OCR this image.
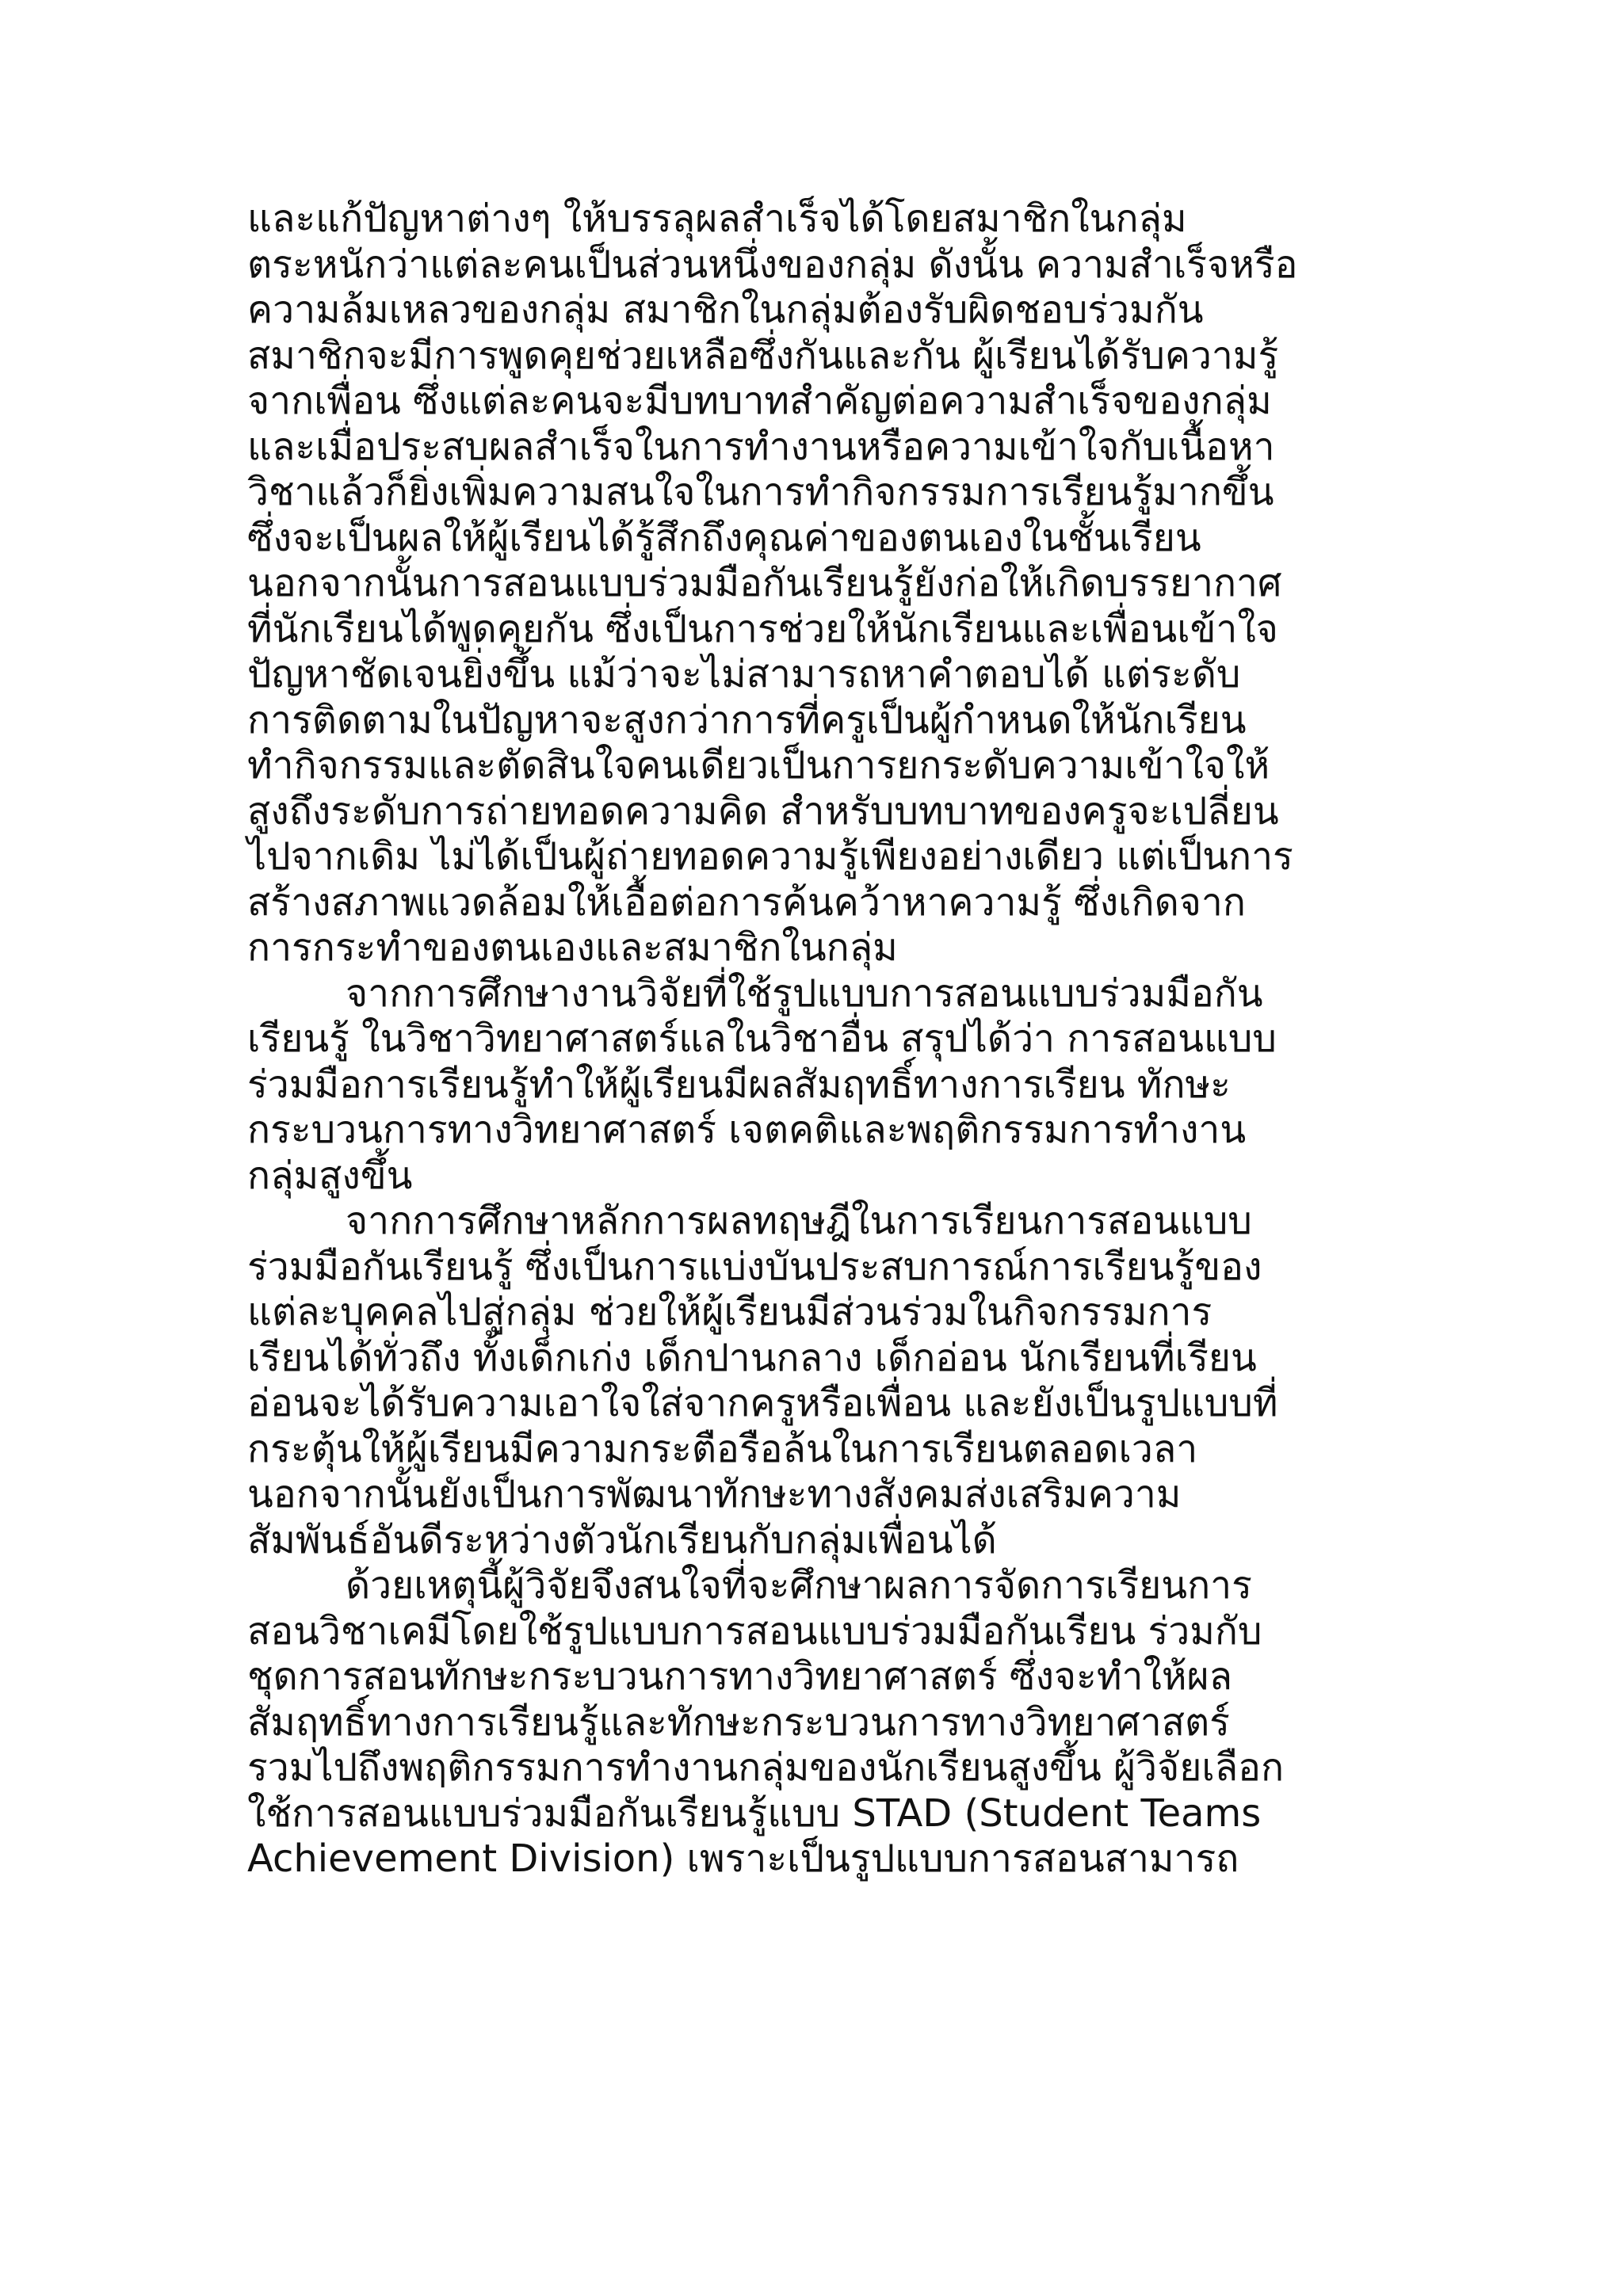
และแก้ปัญหาต่างๆ ให้บรรลุผลสำเร็จได้โดยสมาชิกในกลุ่ม
ตระหนักว่าแต่ละคนเป็นส่วนหนึ่งของกลุ่ม ดังนั้น ความสำเร็จหรือ
ความล้มเหลวของกลุ่ม สมาชิกในกลุ่มต้องรับผิดชอบร่วมกัน
สมาชิกจะมีการพูดคุยช่วยเหลือซึ่งกันและกัน ผู้เรียนได้รับความรู้
จากเพื่อน ซึ่งแต่ละคนจะมีบทบาทสำคัญต่อความสำเร็จของกลุ่ม
และเมื่อประสบผลสำเร็จในการทำงานหรือความเข้าใจกับเนื้อหา
วิชาแล้วก็ยิ่งเพิ่มความสนใจในการทำกิจกรรมการเรียนรู้มากขึ้น
ซึ่งจะเป็นผลให้ผู้เรียนได้รู้สึกถึงคุณค่าของตนเองในชั้นเรียน
นอกจากนั้นการสอนแบบร่วมมือกันเรียนรู้ยังก่อให้เกิดบรรยากาศ
ที่นักเรียนได้พูดคุยกัน ซึ่งเป็นการช่วยให้นักเรียนและเพื่อนเข้าใจ
ปัญหาชัดเจนยิ่งขึ้น แม้ว่าจะไม่สามารถหาคำตอบได้ แต่ระดับ
การติดตามในปัญหาจะสูงกว่าการที่ครูเป็นผู้กำหนดให้นักเรียน
ทำกิจกรรมและตัดสินใจคนเดียวเป็นการยกระดับความเข้าใจให้
สูงถึงระดับการถ่ายทอดความคิด สำหรับบทบาทของครูจะเปลี่ยน
ไปจากเดิม ไม่ได้เป็นผู้ถ่ายทอดความรู้เพียงอย่างเดียว แต่เป็นการ
สร้างสภาพแวดล้อมให้เอื้อต่อการค้นคว้าหาความรู้ ซึ่งเกิดจาก
การกระทำของตนเองและสมาชิกในกลุ่ม
จากการศึกษางานวิจัยที่ใช้รูปแบบการสอนแบบร่วมมือกัน
เรียนรู้ ในวิชาวิทยาศาสตร์แลในวิชาอื่น สรุปได้ว่า การสอนแบบ
ร่วมมือการเรียนรู้ทำให้ผู้เรียนมีผลสัมฤทธิ์ทางการเรียน ทักษะ
กระบวนการทางวิทยาศาสตร์ เจตคติและพฤติกรรมการทำงาน
กลุ่มสูงขึ้น
จากการศึกษาหลักการผลทฤษฎีในการเรียนการสอนแบบ
ร่วมมือกันเรียนรู้ ซึ่งเป็นการแบ่งบันประสบการณ์การเรียนรู้ของ
แต่ละบุคคลไปสู่กลุ่ม ช่วยให้ผู้เรียนมีส่วนร่วมในกิจกรรมการ
เรียนได้ทั่วถึง ทั้งเด็กเก่ง เด็กปานกลาง เด็กอ่อน นักเรียนที่เรียน
อ่อนจะได้รับความเอาใจใส่จากครูหรือเพื่อน และยังเป็นรูปแบบที่
กระตุ้นให้ผู้เรียนมีความกระตือรือล้นในการเรียนตลอดเวลา
นอกจากนั้นยังเป็นการพัฒนาทักษะทางสังคมส่งเสริมความ
สัมพันธ์อันดีระหว่างตัวนักเรียนกับกลุ่มเพื่อนได้
ด้วยเหตุนี้ผู้วิจัยจึงสนใจที่จะศึกษาผลการจัดการเรียนการ
สอนวิชาเคมีโดยใช้รูปแบบการสอนแบบร่วมมือกันเรียน ร่วมกับ
ชุดการสอนทักษะกระบวนการทางวิทยาศาสตร์ ซึ่งจะทำให้ผล
สัมฤทธิ์ทางการเรียนรู้และทักษะกระบวนการทางวิทยาศาสตร์
รวมไปถึงพฤติกรรมการทำงานกลุ่มของนักเรียนสูงขึ้น ผู้วิจัยเลือก
ใช้การสอนแบบร่วมมือกันเรียนรู้แบบ STAD (Student Teams
Achievement Division) เพราะเป็นรูปแบบการสอนสามารถ
